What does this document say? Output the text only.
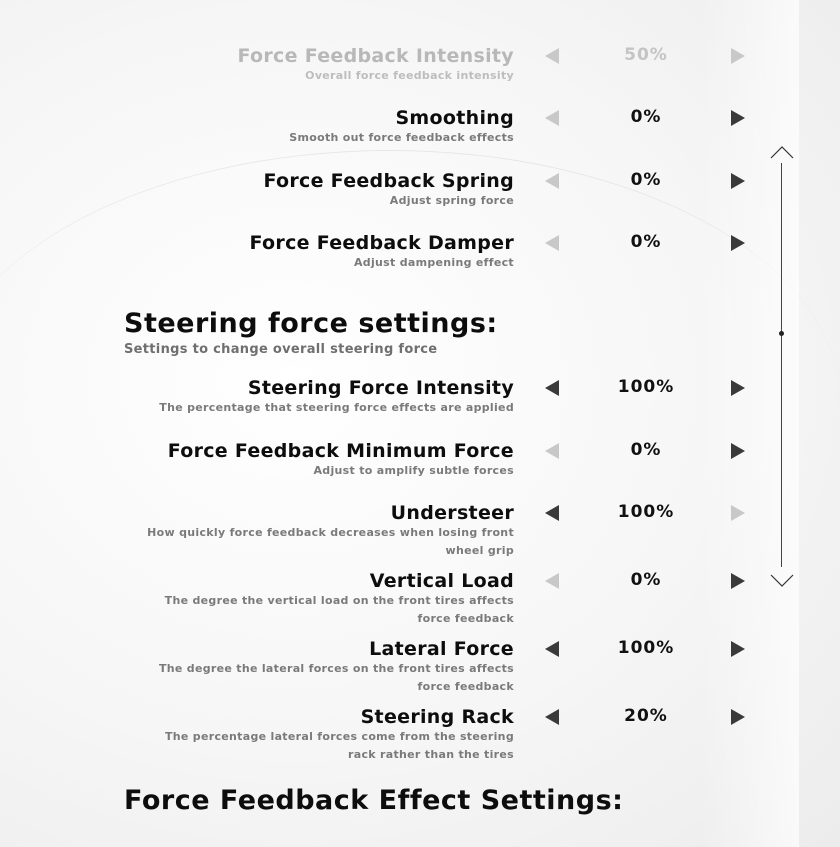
Force Feedback Intensity
Overall force feedback intensity
50%
Smoothing
Smooth out force feedback effects
0%
Force Feedback Spring
Adjust spring force
0%
Force Feedback Damper
Adjust dampening effect
0%
Steering force settings:
Settings to change overall steering force
Steering Force Intensity
The percentage that steering force effects are applied
100%
Force Feedback Minimum Force
Adjust to amplify subtle forces
0%
Understeer
How quickly force feedback decreases when losing front
wheel grip
100%
Vertical Load
The degree the vertical load on the front tires affects
force feedback
0%
Lateral Force
The degree the lateral forces on the front tires affects
force feedback
100%
Steering Rack
The percentage lateral forces come from the steering
rack rather than the tires
20%
Force Feedback Effect Settings:
